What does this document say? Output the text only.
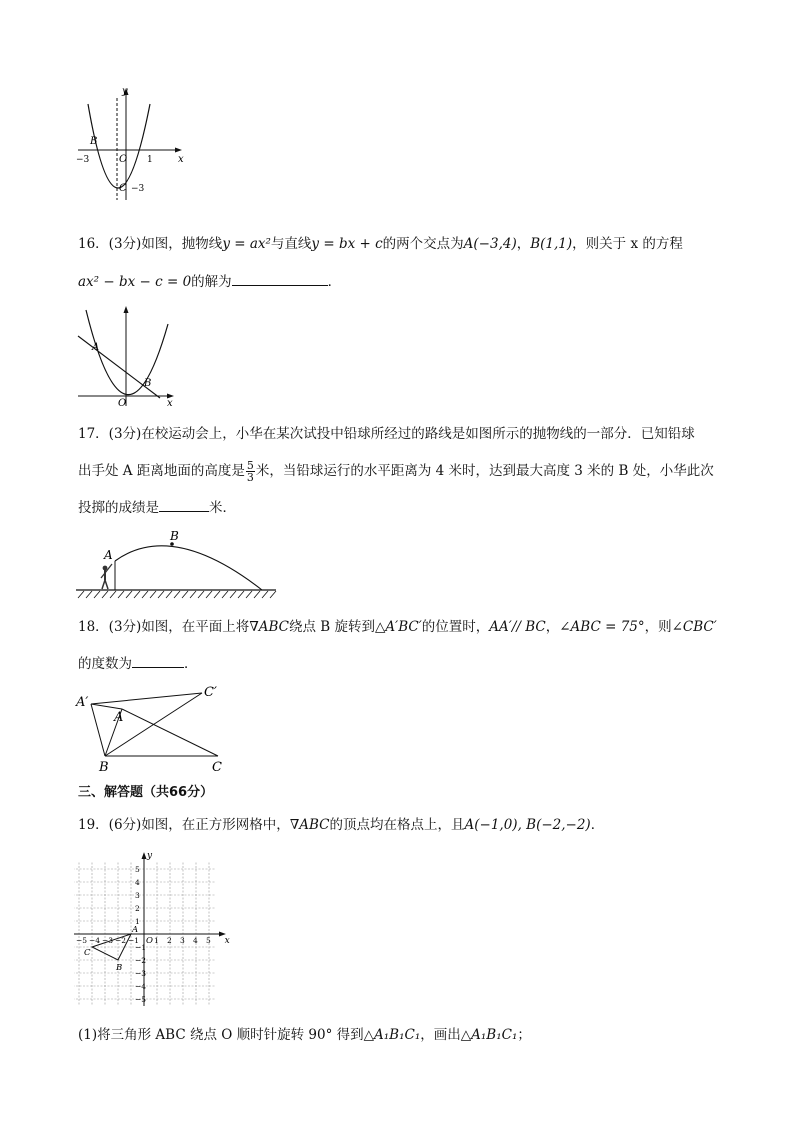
y
x
B
O
C
−3	1
−3
16．(3分)如图，抛物线y = ax²与直线y = bx + c的两个交点为A(−3,4)，B(1,1)，则关于 x 的方程
ax² − bx − c = 0的解为	．
A
B
O	x
17．(3分)在校运动会上，小华在某次试投中铅球所经过的路线是如图所示的抛物线的一部分．已知铅球
出手处 A 距离地面的高度是 $\frac{5}{3}$ 米，当铅球运行的水平距离为 4 米时，达到最大高度 3 米的 B 处，小华此次
投掷的成绩是	米．
A
B
18．(3分)如图，在平面上将∇ABC绕点 B 旋转到△A′BC′的位置时，AA′// BC，∠ABC = 75°，则∠CBC′
的度数为	．
A′
A
C′
B	C
三、解答题（共66分）
19．(6分)如图，在正方形网格中，∇ABC的顶点均在格点上，且A(−1,0), B(−2,−2)．
−5 −4 −3 −2 −1 1 2 3 4 5
5
4
3
2
1
−1
−2
−3
−4
−5
y
x
O
A
B
C
(1)将三角形 ABC 绕点 O 顺时针旋转 90° 得到△A₁B₁C₁，画出△A₁B₁C₁；
